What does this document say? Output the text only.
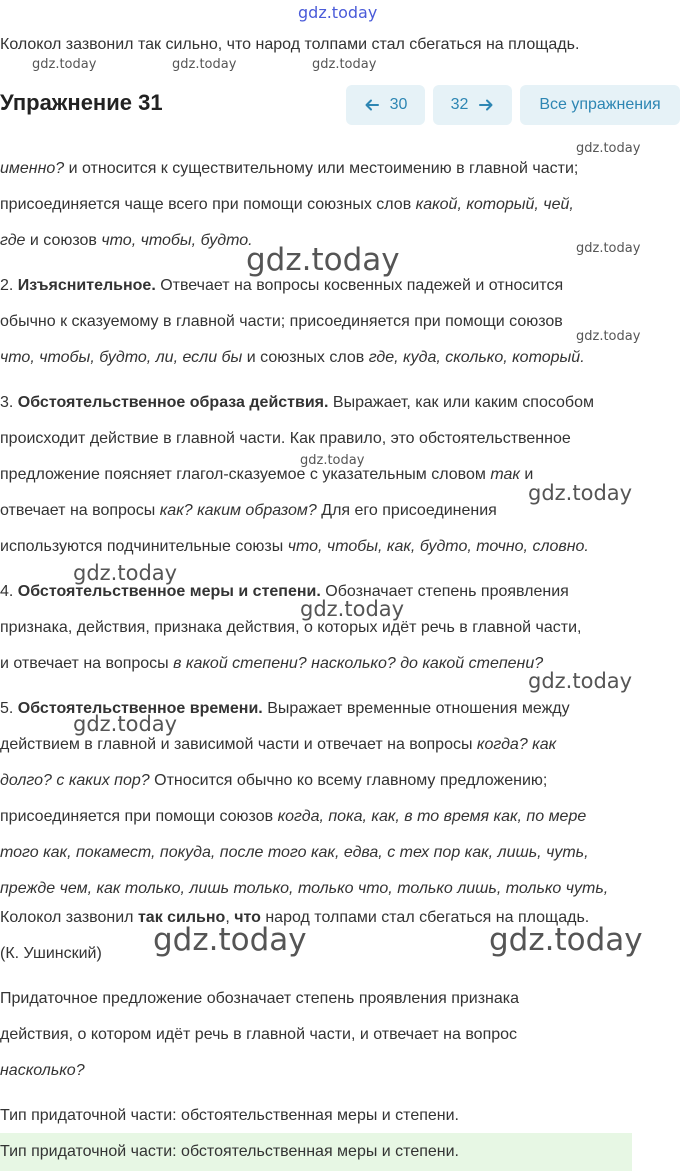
gdz.today
Колокол зазвонил так сильно, что народ толпами стал сбегаться на площадь.
gdz.today	gdz.today	gdz.today
Упражнение 31	30	32	Все упражнения
gdz.today
именно? и относится к существительному или местоимению в главной части;
присоединяется чаще всего при помощи союзных слов какой, который, чей,
где и союзов что, чтобы, будто.	gdz.today
gdz.today
2. Изъяснительное. Отвечает на вопросы косвенных падежей и относится
обычно к сказуемому в главной части; присоединяется при помощи союзов
gdz.today
что, чтобы, будто, ли, если бы и союзных слов где, куда, сколько, который.
3. Обстоятельственное образа действия. Выражает, как или каким способом
происходит действие в главной части. Как правило, это обстоятельственное
gdz.today
предложение поясняет глагол-сказуемое с указательным словом так и
gdz.today
отвечает на вопросы как? каким образом? Для его присоединения
используются подчинительные союзы что, чтобы, как, будто, точно, словно.
gdz.today
4. Обстоятельственное меры и степени. Обозначает степень проявления
gdz.today
признака, действия, признака действия, о которых идёт речь в главной части,
и отвечает на вопросы в какой степени? насколько? до какой степени?
gdz.today
5. Обстоятельственное времени. Выражает временные отношения между
gdz.today
действием в главной и зависимой части и отвечает на вопросы когда? как
долго? с каких пор? Относится обычно ко всему главному предложению;
присоединяется при помощи союзов когда, пока, как, в то время как, по мере
того как, покамест, покуда, после того как, едва, с тех пор как, лишь, чуть,
прежде чем, как только, лишь только, только что, только лишь, только чуть,
Колокол зазвонил так сильно, что народ толпами стал сбегаться на площадь.
gdz.today	gdz.today
(К. Ушинский)
Придаточное предложение обозначает степень проявления признака
действия, о котором идёт речь в главной части, и отвечает на вопрос
насколько?
Тип придаточной части: обстоятельственная меры и степени.
Тип придаточной части: обстоятельственная меры и степени.
